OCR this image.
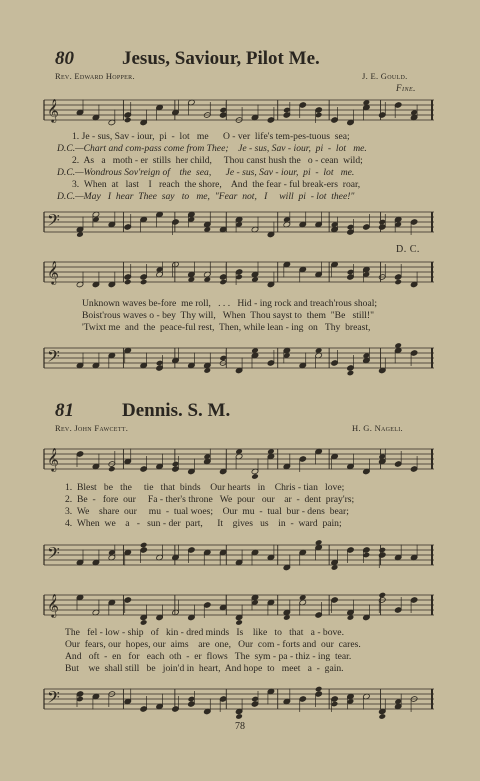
80	Jesus, Saviour, Pilot Me.
Rev. Edward Hopper.	J. E. Gould.
Fine.
𝄞
1. Je - sus, Sav - iour,  pi  -  lot   me      O - ver  life's tem-pes-tuous  sea;
D.C.—Chart and com-pass come from Thee;    Je - sus, Sav - iour,  pi  -  lot   me.
2.  As   a   moth - er  stills  her child,     Thou canst hush the   o - cean  wild;
D.C.—Wondrous Sov'reign of    the  sea,      Je - sus, Sav - iour,  pi  -  lot   me.
3.  When  at   last    I   reach  the shore,    And  the fear - ful break-ers  roar,
D.C.—May   I  hear  Thee  say   to   me,  "Fear  not,   I     will  pi  - lot  thee!"
𝄢
D. C.
𝄞
Unknown waves be-fore  me roll,   . . .   Hid - ing rock and treach'rous shoal;
Boist'rous waves o - bey  Thy will,   When  Thou sayst to  them  "Be   still!"
'Twixt me  and  the  peace-ful rest,  Then, while lean - ing  on   Thy  breast,
𝄢
81	Dennis. S. M.
Rev. John Fawcett.	H. G. Nageli.
𝄞
1.  Blest   be   the     tie   that  binds    Our hearts   in    Chris - tian   love;
2.  Be  -   fore  our     Fa - ther's throne   We  pour   our    ar  -  dent  pray'rs;
3.  We    share  our     mu  -  tual woes;    Our  mu  -  tual  bur - dens  bear;
4.  When  we    a   -   sun - der  part,      It    gives   us    in  -  ward  pain;
𝄢
𝄞
The   fel - low - ship   of   kin - dred minds   Is    like   to   that   a - bove.
Our  fears, our  hopes, our  aims    are  one,   Our  com - forts and  our  cares.
And   oft  -  en   for   each  oth  -  er  flows   The  sym - pa - thiz - ing  tear.
But    we  shall still   be   join'd in  heart,  And hope  to   meet   a  -  gain.
𝄢
78
